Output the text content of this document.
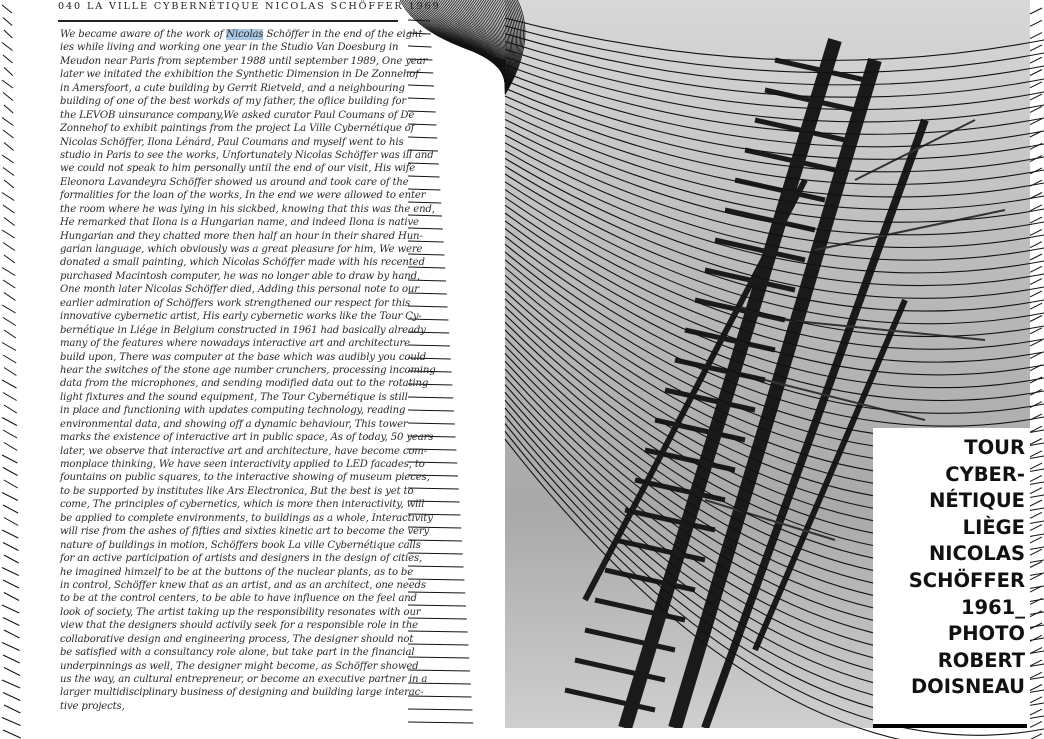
040 LA VILLE CYBERNÉTIQUE NICOLAS SCHÖFFER 1969
We became aware of the work of Nicolas Schöffer in the end of the eight-
ies while living and working one year in the Studio Van Doesburg in
Meudon near Paris from september 1988 until september 1989, One year
later we initated the exhibition the Synthetic Dimension in De Zonnehof
in Amersfoort, a cute building by Gerrit Rietveld, and a neighbouring
building of one of the best workds of my father, the ofiice building for
the LEVOB uinsurance company,We asked curator Paul Coumans of De
Zonnehof to exhibit paintings from the project La Ville Cybernétique of
Nicolas Schöffer, Ilona Lénárd, Paul Coumans and myself went to his
studio in Paris to see the works, Unfortunately Nicolas Schöffer was ill and
we could not speak to him personally until the end of our visit, His wife
Eleonora Lavandeyra Schöffer showed us around and took care of the
formalities for the loan of the works, In the end we were allowed to enter
the room where he was lying in his sickbed, knowing that this was the end,
He remarked that Ilona is a Hungarian name, and indeed Ilona is native
Hungarian and they chatted more then half an hour in their shared Hun-
garian language, which obviously was a great pleasure for him, We were
donated a small painting, which Nicolas Schöffer made with his recented
purchased Macintosh computer, he was no longer able to draw by hand,
One month later Nicolas Schöffer died, Adding this personal note to our
earlier admiration of Schöffers work strengthened our respect for this
innovative cybernetic artist, His early cybernetic works like the Tour Cy-
bernétique in Liége in Belgium constructed in 1961 had basically already
many of the features where nowadays interactive art and architecture
build upon, There was computer at the base which was audibly you could
hear the switches of the stone age number crunchers, processing incoming
data from the microphones, and sending modified data out to the rotating
light fixtures and the sound equipment, The Tour Cybernétique is still
in place and functioning with updates computing technology, reading
environmental data, and showing off a dynamic behaviour, This tower
marks the existence of interactive art in public space, As of today, 50 years
later, we observe that interactive art and architecture, have become com-
monplace thinking, We have seen interactivity applied to LED facades, to
fountains on public squares, to the interactive showing of museum pieces,
to be supported by institutes like Ars Electronica, But the best is yet to
come, The principles of cybernetics, which is more then interactivity, will
be applied to complete environments, to buildings as a whole, Interactivity
will rise from the ashes of fifties and sixties kinetic art to become the very
nature of buildings in motion, Schöffers book La ville Cybernétique calls
for an active participation of artists and designers in the design of cities,
he imagined himzelf to be at the buttons of the nuclear plants, as to be
in control, Schöffer knew that as an artist, and as an architect, one needs
to be at the control centers, to be able to have influence on the feel and
look of society, The artist taking up the responsibility resonates with our
view that the designers should activily seek for a responsible role in the
collaborative design and engineering process, The designer should not
be satisfied with a consultancy role alone, but take part in the financial
underpinnings as well, The designer might become, as Schöffer showed
us the way, an cultural entrepreneur, or become an executive partner in a
larger multidisciplinary business of designing and building large interac-
tive projects,
TOUR
CYBER-
NÉTIQUE
LIÈGE
NICOLAS
SCHÖFFER
1961_
PHOTO
ROBERT
DOISNEAU
